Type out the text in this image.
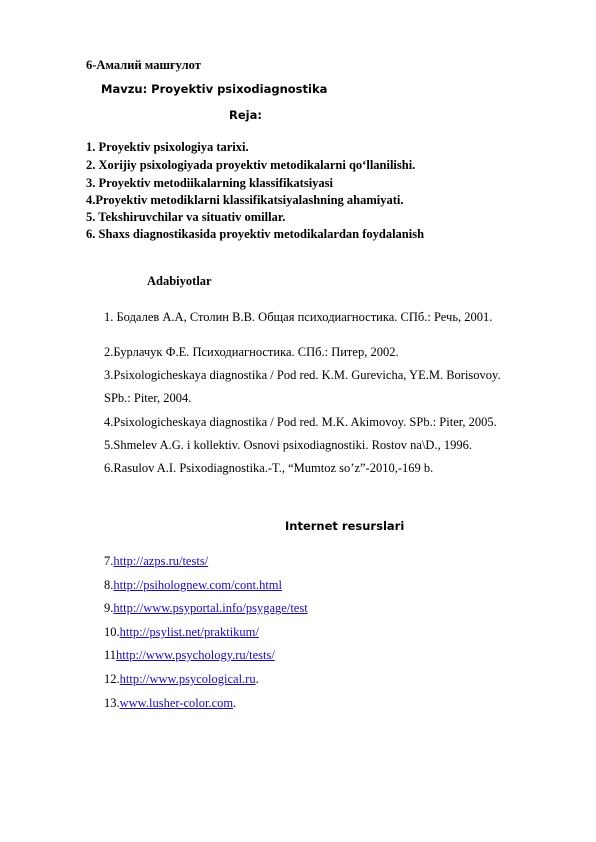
6-Амалий машғулот
Mavzu: Proyektiv psixodiagnostika
Reja:
1. Proyektiv psixologiya tarixi.
2. Xorijiy psixologiyada proyektiv metodikalarni qo‘llanilishi.
3. Proyektiv metodiikalarning klassifikatsiyasi
4.Proyektiv metodiklarni klassifikatsiyalashning ahamiyati.
5. Tekshiruvchilar va situativ omillar.
6. Shaxs diagnostikasida proyektiv metodikalardan foydalanish
Adabiyotlar
1. Бодалев А.А, Столин В.В. Общая психодиагностика. СПб.: Речь, 2001.
2.Бурлачук Ф.Е. Психодиагностика. СПб.: Питер, 2002.
3.Psixologicheskaya diagnostika / Pod red. K.M. Gurevicha, YE.M. Borisovoy.
SPb.: Piter, 2004.
4.Psixologicheskaya diagnostika / Pod red. M.K. Akimovoy. SPb.: Piter, 2005.
5.Shmelev A.G. i kollektiv. Osnovi psixodiagnostiki. Rostov na\D., 1996.
6.Rasulov A.I. Psixodiagnostika.-T., “Mumtoz so’z”-2010,-169 b.
Internet resurslari
7.http://azps.ru/tests/
8.http://psiholognew.com/cont.html
9.http://www.psyportal.info/psygage/test
10.http://psylist.net/praktikum/
11http://www.psychology.ru/tests/
12.http://www.psycological.ru.
13.www.lusher-color.com.
